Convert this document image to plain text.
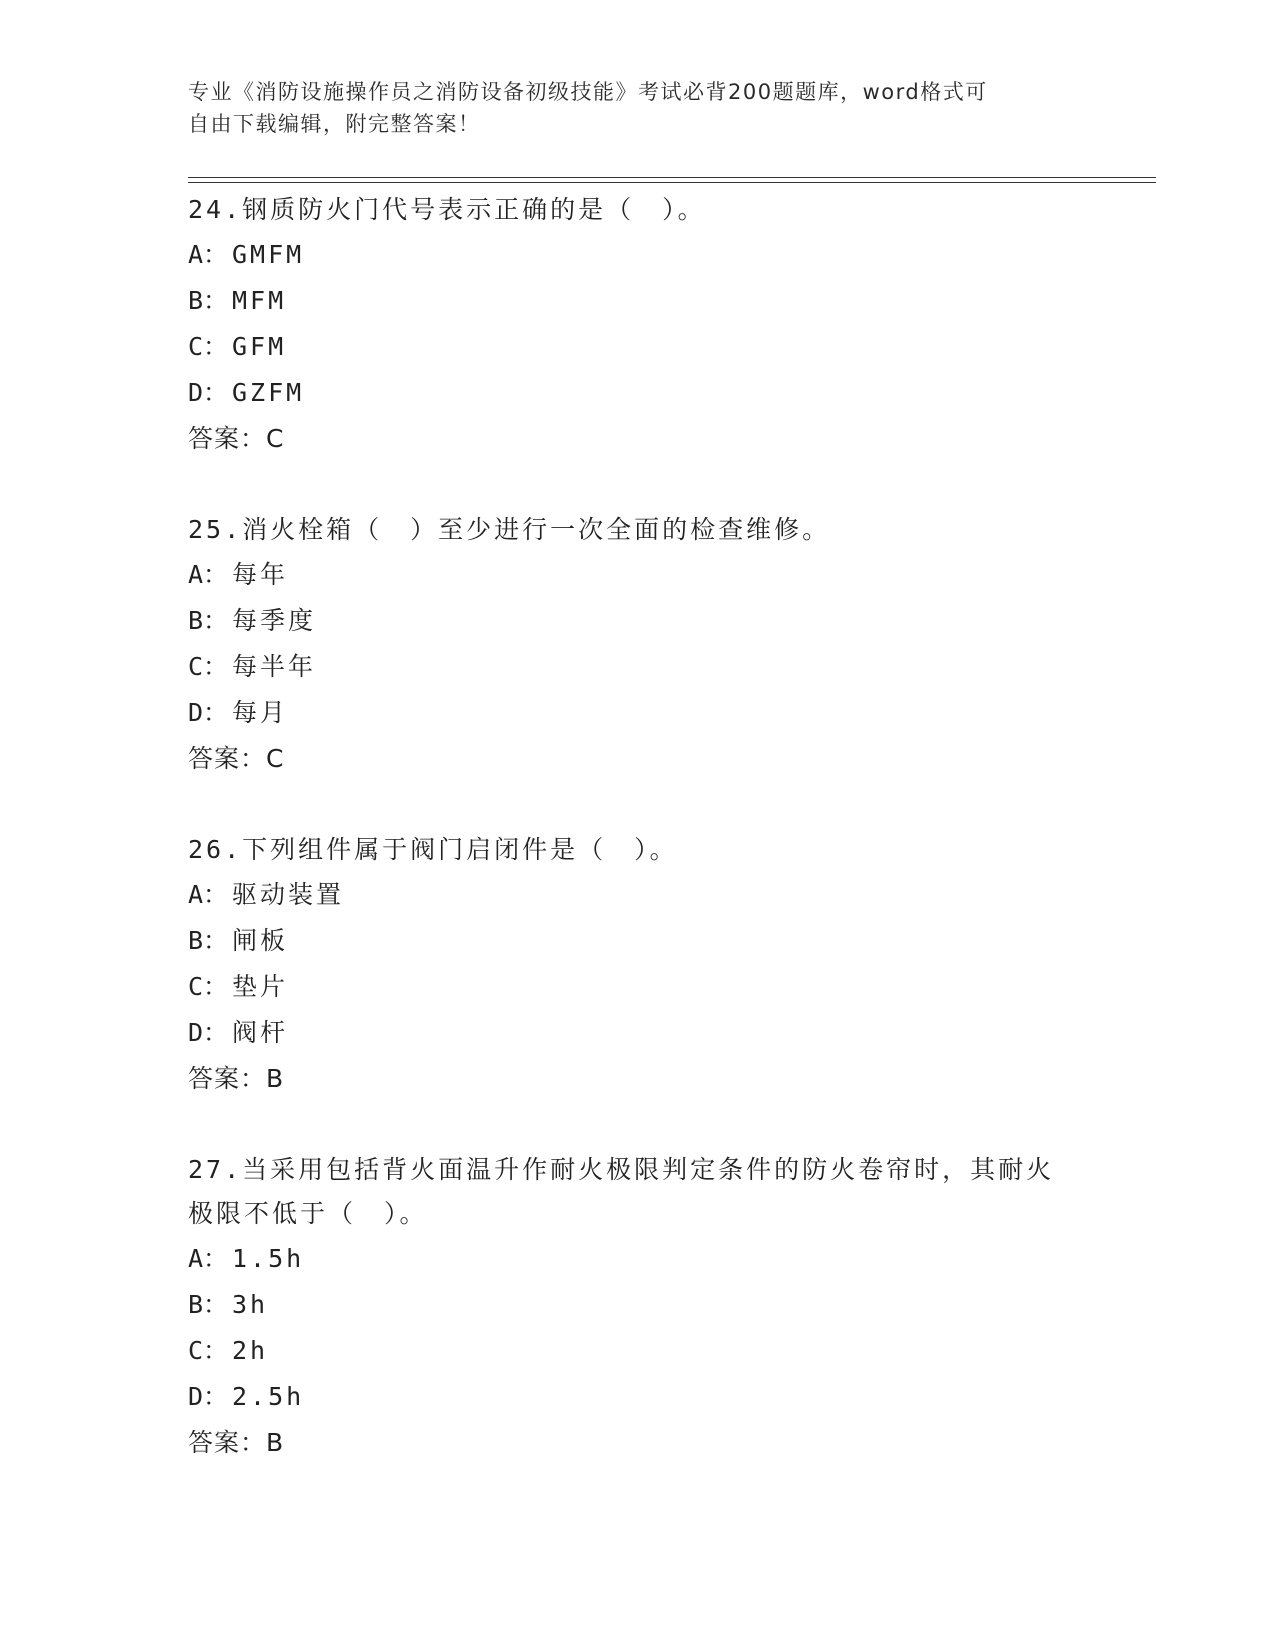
专业《消防设施操作员之消防设备初级技能》考试必背200题题库，word格式可
自由下载编辑，附完整答案！
24.钢质防火门代号表示正确的是（　）。
A： GMFM
B： MFM
C： GFM
D： GZFM
答案：C
25.消火栓箱（　）至少进行一次全面的检查维修。
A： 每年
B： 每季度
C： 每半年
D： 每月
答案：C
26.下列组件属于阀门启闭件是（　）。
A： 驱动装置
B： 闸板
C： 垫片
D： 阀杆
答案：B
27.当采用包括背火面温升作耐火极限判定条件的防火卷帘时，其耐火
极限不低于（　）。
A： 1.5h
B： 3h
C： 2h
D： 2.5h
答案：B
